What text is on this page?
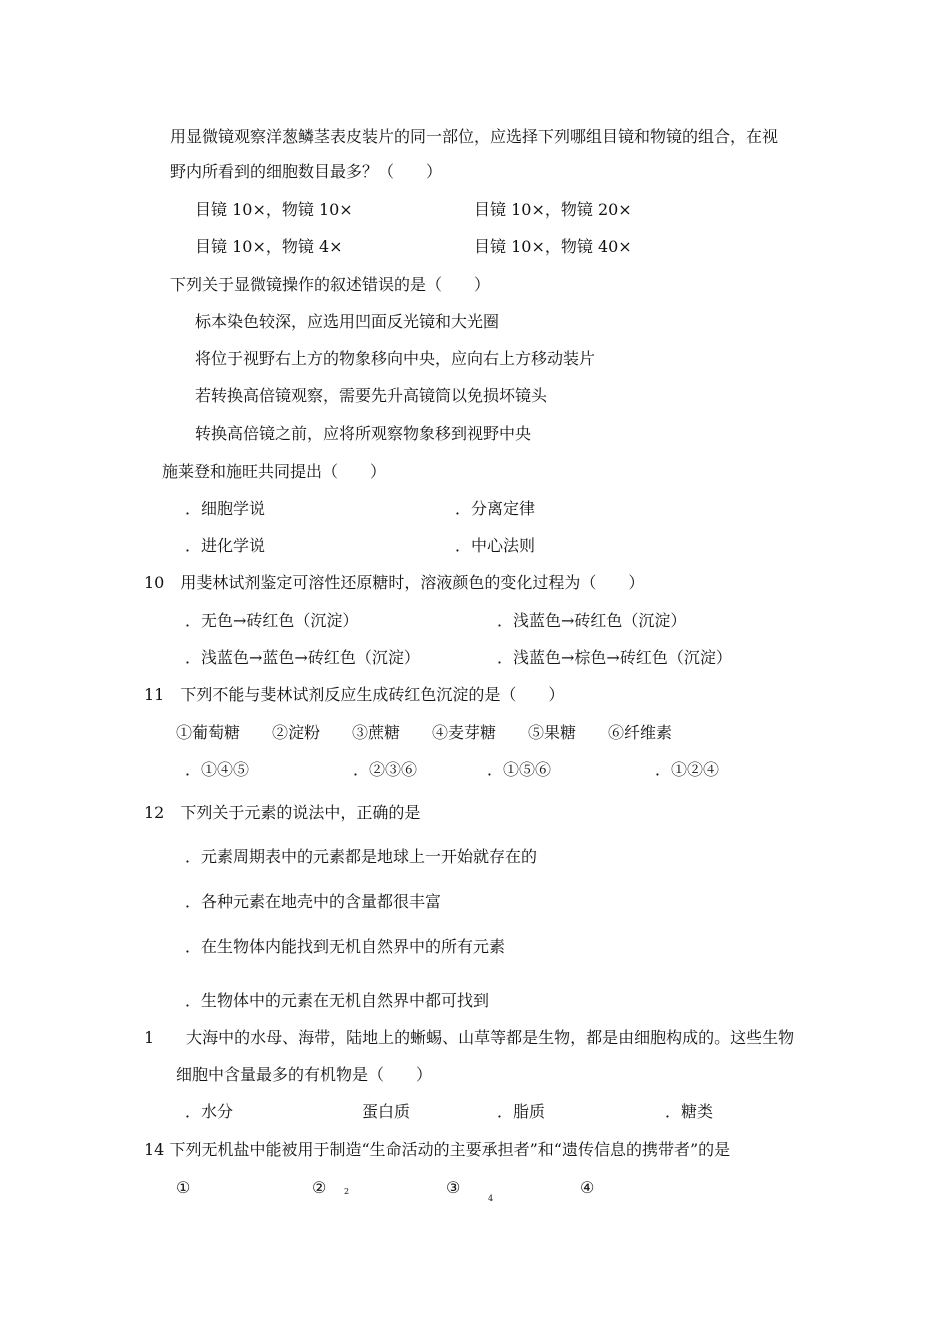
用显微镜观察洋葱鳞茎表皮装片的同一部位，应选择下列哪组目镜和物镜的组合，在视
野内所看到的细胞数目最多？（　　）
目镜 10×，物镜 10×	目镜 10×，物镜 20×
目镜 10×，物镜 4×	目镜 10×，物镜 40×
下列关于显微镜操作的叙述错误的是（　　）
标本染色较深，应选用凹面反光镜和大光圈
将位于视野右上方的物象移向中央，应向右上方移动装片
若转换高倍镜观察，需要先升高镜筒以免损坏镜头
转换高倍镜之前，应将所观察物象移到视野中央
施莱登和施旺共同提出（　　）
．细胞学说	．分离定律
．进化学说	．中心法则
10　用斐林试剂鉴定可溶性还原糖时，溶液颜色的变化过程为（　　）
．无色→砖红色（沉淀）	．浅蓝色→砖红色（沉淀）
．浅蓝色→蓝色→砖红色（沉淀）	．浅蓝色→棕色→砖红色（沉淀）
11　下列不能与斐林试剂反应生成砖红色沉淀的是（　　）
①葡萄糖　　②淀粉　　③蔗糖　　④麦芽糖　　⑤果糖　　⑥纤维素
．①④⑤	．②③⑥	．①⑤⑥	．①②④
12　下列关于元素的说法中，正确的是
．元素周期表中的元素都是地球上一开始就存在的
．各种元素在地壳中的含量都很丰富
．在生物体内能找到无机自然界中的所有元素
．生物体中的元素在无机自然界中都可找到
1　　大海中的水母、海带，陆地上的蜥蜴、山草等都是生物，都是由细胞构成的。这些生物
细胞中含量最多的有机物是（　　）
．水分	蛋白质	．脂质	．糖类
14 下列无机盐中能被用于制造“生命活动的主要承担者”和“遗传信息的携带者”的是
①	②	③	④
2
4
